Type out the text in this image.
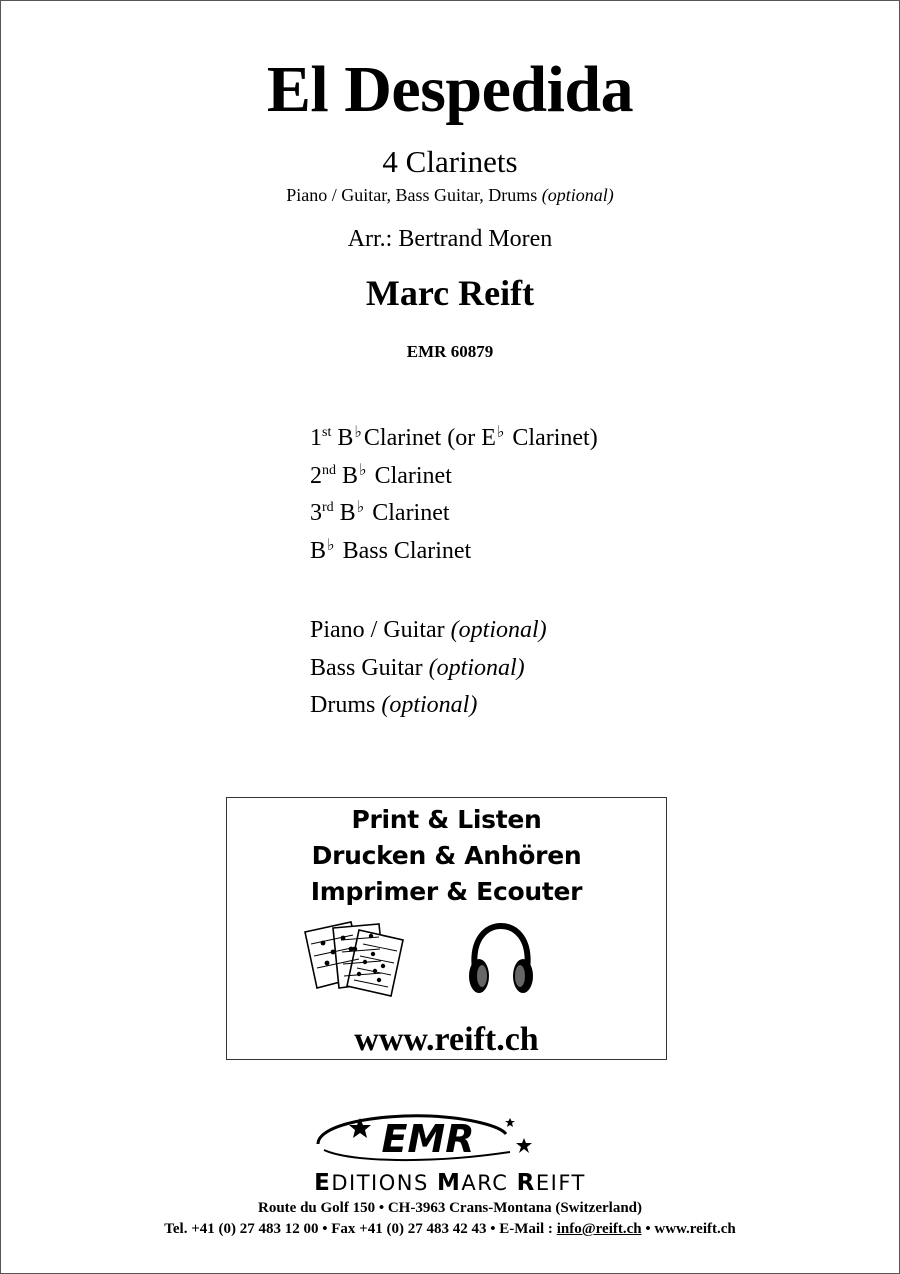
El Despedida
4 Clarinets
Piano / Guitar, Bass Guitar, Drums (optional)
Arr.: Bertrand Moren
Marc Reift
EMR 60879
1st B♭Clarinet (or E♭ Clarinet)
2nd B♭ Clarinet
3rd B♭ Clarinet
B♭ Bass Clarinet
Piano / Guitar (optional)
Bass Guitar (optional)
Drums (optional)
Print & Listen
Drucken & Anhören
Imprimer & Ecouter
www.reift.ch
EMR
EDITIONS MARC REIFT
Route du Golf 150 • CH-3963 Crans-Montana (Switzerland)
Tel. +41 (0) 27 483 12 00 • Fax +41 (0) 27 483 42 43 • E-Mail : info@reift.ch • www.reift.ch
